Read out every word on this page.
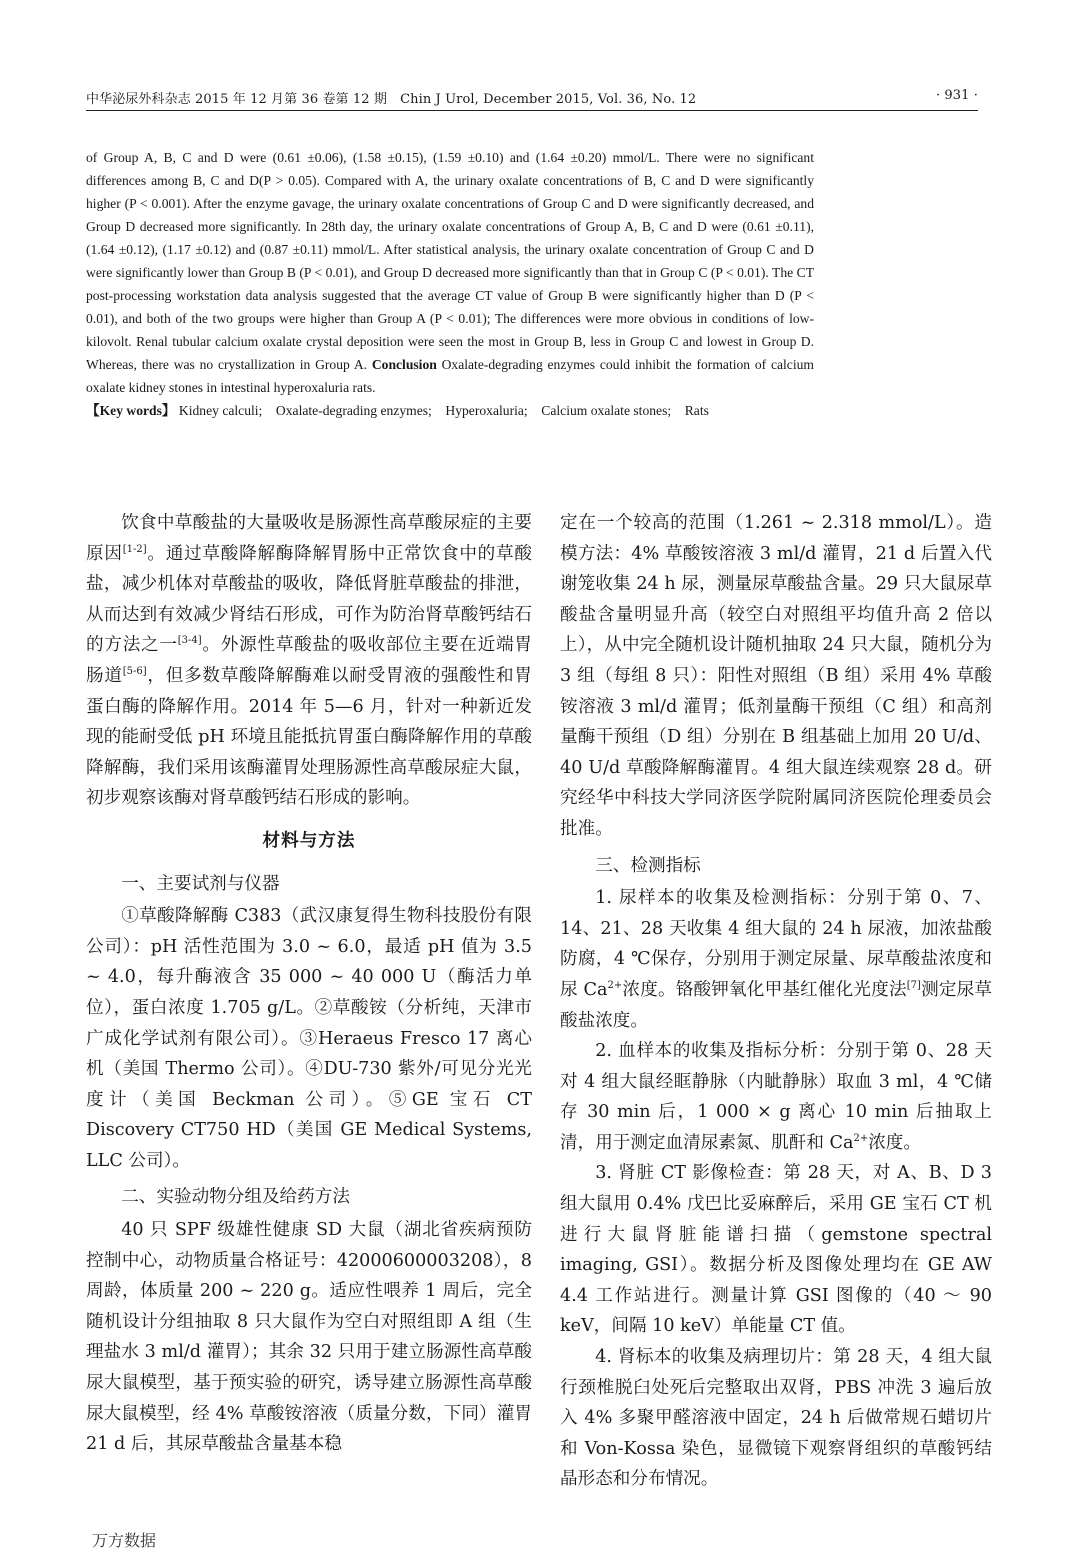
中华泌尿外科杂志 2015 年 12 月第 36 卷第 12 期　Chin J Urol, December 2015, Vol. 36, No. 12	· 931 ·

of Group A, B, C and D were (0.61 ±0.06), (1.58 ±0.15), (1.59 ±0.10) and (1.64 ±0.20) mmol/L. There were no significant differences among B, C and D(P > 0.05). Compared with A, the urinary oxalate concentrations of B, C and D were significantly higher (P < 0.001). After the enzyme gavage, the urinary oxalate concentrations of Group C and D were significantly decreased, and Group D decreased more significantly. In 28th day, the urinary oxalate concentrations of Group A, B, C and D were (0.61 ±0.11), (1.64 ±0.12), (1.17 ±0.12) and (0.87 ±0.11) mmol/L. After statistical analysis, the urinary oxalate concentration of Group C and D were significantly lower than Group B (P < 0.01), and Group D decreased more significantly than that in Group C (P < 0.01). The CT post-processing workstation data analysis suggested that the average CT value of Group B were significantly higher than D (P < 0.01), and both of the two groups were higher than Group A (P < 0.01); The differences were more obvious in conditions of low-kilovolt. Renal tubular calcium oxalate crystal deposition were seen the most in Group B, less in Group C and lowest in Group D. Whereas, there was no crystallization in Group A. Conclusion Oxalate-degrading enzymes could inhibit the formation of calcium oxalate kidney stones in intestinal hyperoxaluria rats.

【Key words】 Kidney calculi;　Oxalate-degrading enzymes;　Hyperoxaluria;　Calcium oxalate stones;　Rats

饮食中草酸盐的大量吸收是肠源性高草酸尿症的主要原因[1-2]。通过草酸降解酶降解胃肠中正常饮食中的草酸盐，减少机体对草酸盐的吸收，降低肾脏草酸盐的排泄，从而达到有效减少肾结石形成，可作为防治肾草酸钙结石的方法之一[3-4]。外源性草酸盐的吸收部位主要在近端胃肠道[5-6]，但多数草酸降解酶难以耐受胃液的强酸性和胃蛋白酶的降解作用。2014 年 5—6 月，针对一种新近发现的能耐受低 pH 环境且能抵抗胃蛋白酶降解作用的草酸降解酶，我们采用该酶灌胃处理肠源性高草酸尿症大鼠，初步观察该酶对肾草酸钙结石形成的影响。

材料与方法

一、主要试剂与仪器

①草酸降解酶 C383（武汉康复得生物科技股份有限公司）：pH 活性范围为 3.0 ~ 6.0，最适 pH 值为 3.5 ~ 4.0，每升酶液含 35 000 ~ 40 000 U（酶活力单位），蛋白浓度 1.705 g/L。②草酸铵（分析纯，天津市广成化学试剂有限公司）。③Heraeus Fresco 17 离心机（美国 Thermo 公司）。④DU-730 紫外/可见分光光度计（美国 Beckman 公司）。⑤GE 宝石 CT Discovery CT750 HD（美国 GE Medical Systems, LLC 公司）。

二、实验动物分组及给药方法

40 只 SPF 级雄性健康 SD 大鼠（湖北省疾病预防控制中心，动物质量合格证号：42000600003208），8 周龄，体质量 200 ~ 220 g。适应性喂养 1 周后，完全随机设计分组抽取 8 只大鼠作为空白对照组即 A 组（生理盐水 3 ml/d 灌胃）；其余 32 只用于建立肠源性高草酸尿大鼠模型，基于预实验的研究，诱导建立肠源性高草酸尿大鼠模型，经 4% 草酸铵溶液（质量分数，下同）灌胃 21 d 后，其尿草酸盐含量基本稳

定在一个较高的范围（1.261 ~ 2.318 mmol/L）。造模方法：4% 草酸铵溶液 3 ml/d 灌胃，21 d 后置入代谢笼收集 24 h 尿，测量尿草酸盐含量。29 只大鼠尿草酸盐含量明显升高（较空白对照组平均值升高 2 倍以上），从中完全随机设计随机抽取 24 只大鼠，随机分为 3 组（每组 8 只）：阳性对照组（B 组）采用 4% 草酸铵溶液 3 ml/d 灌胃；低剂量酶干预组（C 组）和高剂量酶干预组（D 组）分别在 B 组基础上加用 20 U/d、40 U/d 草酸降解酶灌胃。4 组大鼠连续观察 28 d。研究经华中科技大学同济医学院附属同济医院伦理委员会批准。

三、检测指标

1. 尿样本的收集及检测指标：分别于第 0、7、14、21、28 天收集 4 组大鼠的 24 h 尿液，加浓盐酸防腐，4 ℃保存，分别用于测定尿量、尿草酸盐浓度和尿 $Ca^{2+}$浓度。铬酸钾氧化甲基红催化光度法[7]测定尿草酸盐浓度。

2. 血样本的收集及指标分析：分别于第 0、28 天对 4 组大鼠经眶静脉（内眦静脉）取血 3 ml，4 ℃储存 30 min 后，1 000 × g 离心 10 min 后抽取上清，用于测定血清尿素氮、肌酐和 $Ca^{2+}$浓度。

3. 肾脏 CT 影像检查：第 28 天，对 A、B、D 3 组大鼠用 0.4% 戊巴比妥麻醉后，采用 GE 宝石 CT 机进行大鼠肾脏能谱扫描（gemstone spectral imaging, GSI）。数据分析及图像处理均在 GE AW 4.4 工作站进行。测量计算 GSI 图像的（40 ～ 90 keV，间隔 10 keV）单能量 CT 值。

4. 肾标本的收集及病理切片：第 28 天，4 组大鼠行颈椎脱臼处死后完整取出双肾，PBS 冲洗 3 遍后放入 4% 多聚甲醛溶液中固定，24 h 后做常规石蜡切片和 Von-Kossa 染色，显微镜下观察肾组织的草酸钙结晶形态和分布情况。

万方数据
